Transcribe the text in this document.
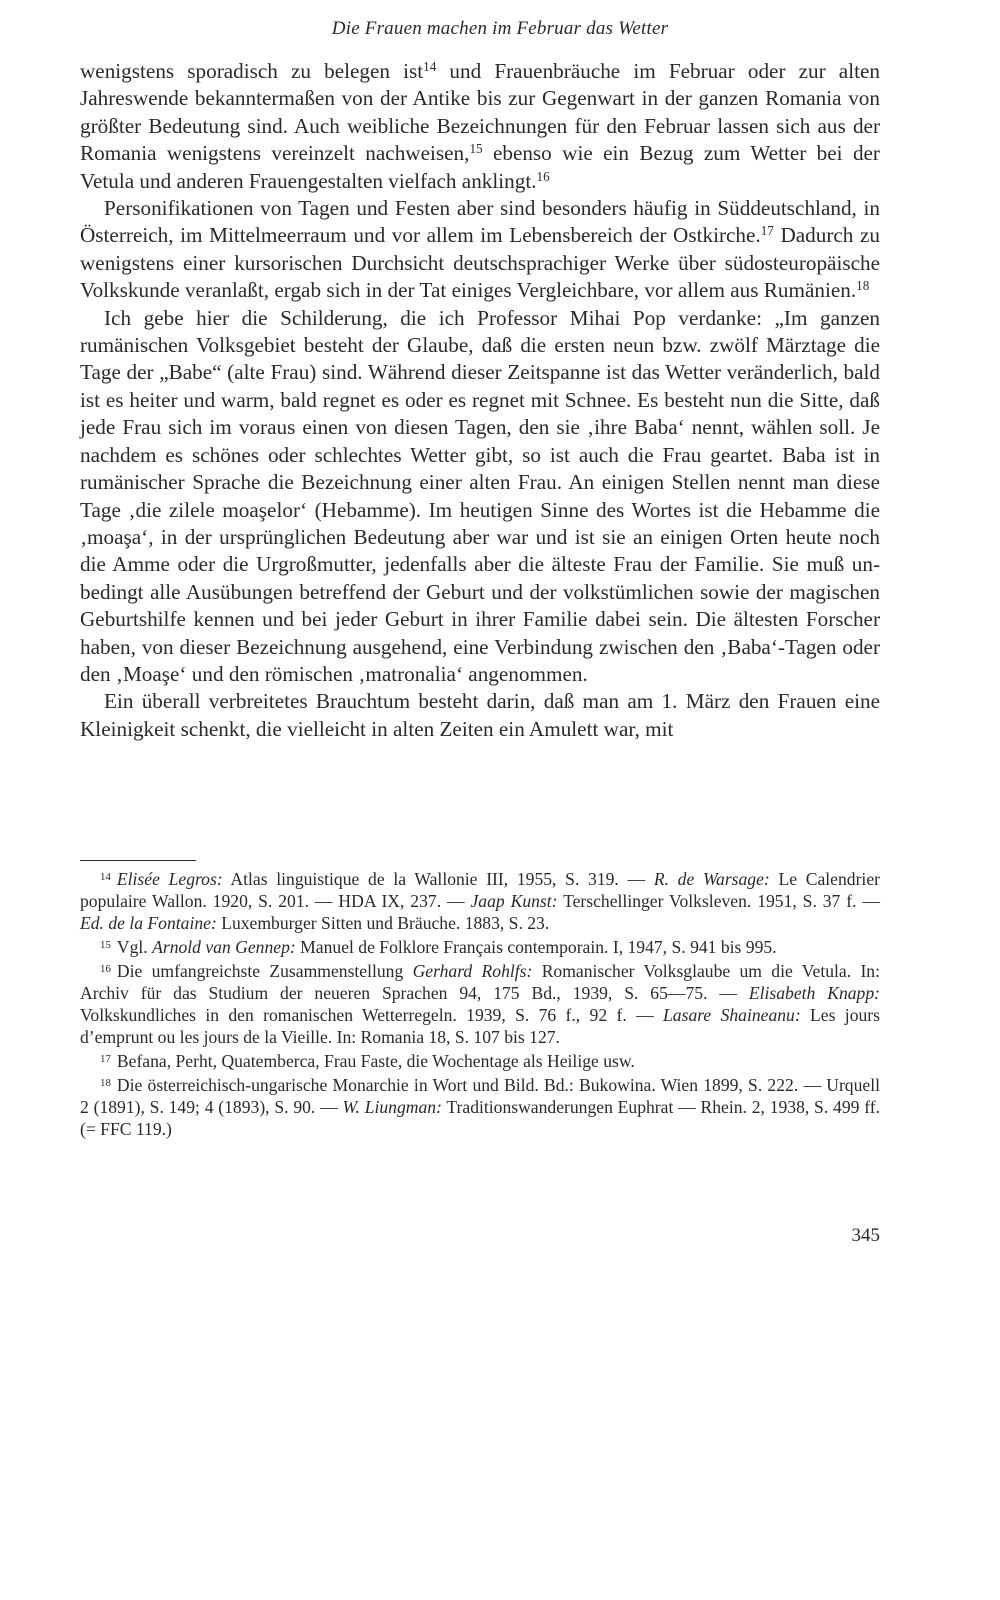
Die Frauen machen im Februar das Wetter

wenigstens sporadisch zu belegen ist$^{14}$ und Frauenbräuche im Februar oder zur alten Jahreswende bekanntermaßen von der Antike bis zur Gegenwart in der ganzen Romania von größter Bedeutung sind. Auch weibliche Bezeichnungen für den Februar lassen sich aus der Romania wenigstens vereinzelt nachweisen,$^{15}$ ebenso wie ein Bezug zum Wetter bei der Vetula und anderen Frauengestalten vielfach anklingt.$^{16}$

Personifikationen von Tagen und Festen aber sind besonders häufig in Süddeutschland, in Österreich, im Mittelmeerraum und vor allem im Lebensbereich der Ostkirche.$^{17}$ Dadurch zu wenigstens einer kursorischen Durchsicht deutschsprachiger Werke über südosteuropäische Volkskunde veranlaßt, ergab sich in der Tat einiges Vergleichbare, vor allem aus Rumänien.$^{18}$

Ich gebe hier die Schilderung, die ich Professor Mihai Pop verdanke: „Im ganzen rumänischen Volksgebiet besteht der Glaube, daß die ersten neun bzw. zwölf Märztage die Tage der „Babe“ (alte Frau) sind. Während dieser Zeitspanne ist das Wetter veränderlich, bald ist es heiter und warm, bald regnet es oder es regnet mit Schnee. Es besteht nun die Sitte, daß jede Frau sich im voraus einen von diesen Tagen, den sie ‚ihre Baba‘ nennt, wählen soll. Je nachdem es schönes oder schlechtes Wetter gibt, so ist auch die Frau geartet. Baba ist in rumänischer Sprache die Bezeichnung einer alten Frau. An einigen Stellen nennt man diese Tage ‚die zilele moaşelor‘ (Hebamme). Im heutigen Sinne des Wortes ist die Hebamme die ‚moaşa‘, in der ursprünglichen Bedeutung aber war und ist sie an einigen Orten heute noch die Amme oder die Urgroßmutter, jedenfalls aber die älteste Frau der Familie. Sie muß unbedingt alle Ausübungen betreffend der Geburt und der volkstümlichen sowie der magischen Geburtshilfe kennen und bei jeder Geburt in ihrer Familie dabei sein. Die ältesten Forscher haben, von dieser Bezeichnung ausgehend, eine Verbindung zwischen den ‚Baba‘-Tagen oder den ‚Moaşe‘ und den römischen ‚matronalia‘ angenommen.

Ein überall verbreitetes Brauchtum besteht darin, daß man am 1. März den Frauen eine Kleinigkeit schenkt, die vielleicht in alten Zeiten ein Amulett war, mit

$^{14}$ Elisée Legros: Atlas linguistique de la Wallonie III, 1955, S. 319. — R. de Warsage: Le Calendrier populaire Wallon. 1920, S. 201. — HDA IX, 237. — Jaap Kunst: Terschellinger Volksleven. 1951, S. 37 f. — Ed. de la Fontaine: Luxemburger Sitten und Bräuche. 1883, S. 23.

$^{15}$ Vgl. Arnold van Gennep: Manuel de Folklore Français contemporain. I, 1947, S. 941 bis 995.

$^{16}$ Die umfangreichste Zusammenstellung Gerhard Rohlfs: Romanischer Volksglaube um die Vetula. In: Archiv für das Studium der neueren Sprachen 94, 175 Bd., 1939, S. 65—75. — Elisabeth Knapp: Volkskundliches in den romanischen Wetterregeln. 1939, S. 76 f., 92 f. — Lasare Shaineanu: Les jours d’emprunt ou les jours de la Vieille. In: Romania 18, S. 107 bis 127.

$^{17}$ Befana, Perht, Quatemberca, Frau Faste, die Wochentage als Heilige usw.

$^{18}$ Die österreichisch-ungarische Monarchie in Wort und Bild. Bd.: Bukowina. Wien 1899, S. 222. — Urquell 2 (1891), S. 149; 4 (1893), S. 90. — W. Liungman: Traditionswanderungen Euphrat — Rhein. 2, 1938, S. 499 ff. (= FFC 119.)

345
